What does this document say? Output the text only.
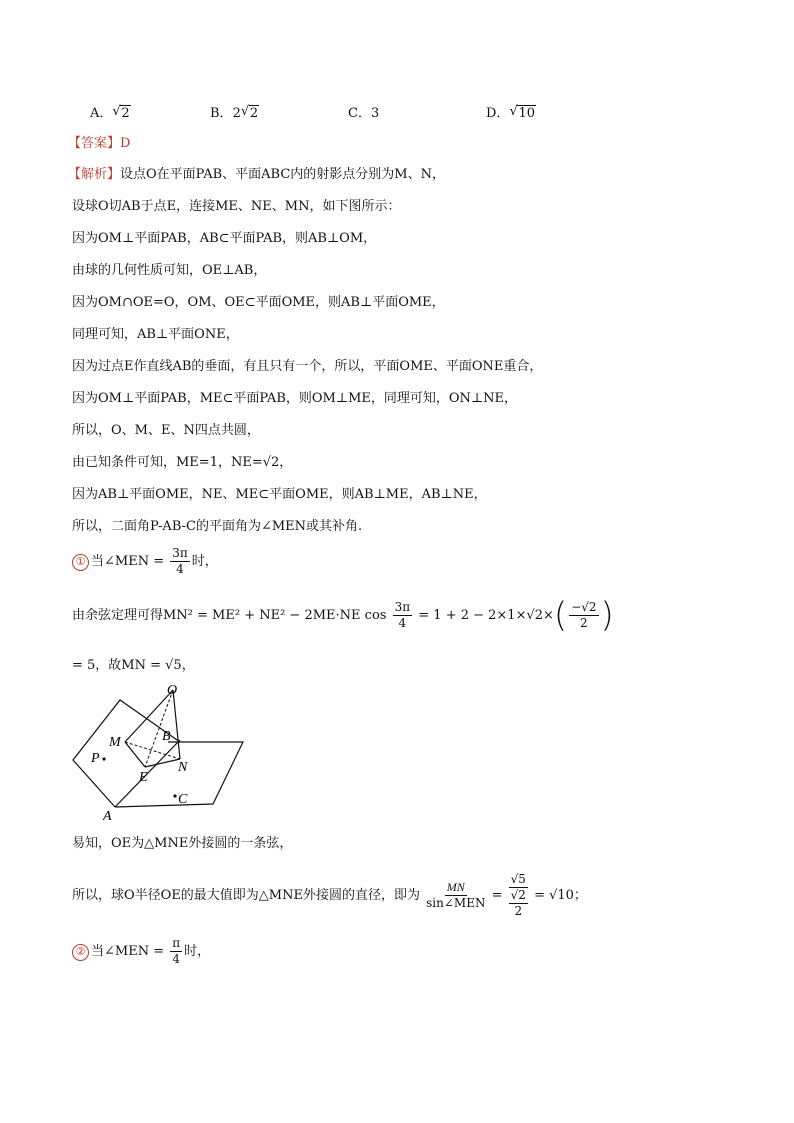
A． √ 2	B．2 √ 2	C．3	D． √ 10
【答案】D
【解析】设点O在平面PAB、平面ABC内的射影点分别为M、N，
设球O切AB于点E，连接ME、NE、MN，如下图所示：
因为OM⊥平面PAB，AB⊂平面PAB，则AB⊥OM，
由球的几何性质可知，OE⊥AB，
因为OM∩OE=O，OM、OE⊂平面OME，则AB⊥平面OME，
同理可知，AB⊥平面ONE，
因为过点E作直线AB的垂面，有且只有一个，所以，平面OME、平面ONE重合，
因为OM⊥平面PAB，ME⊂平面PAB，则OM⊥ME，同理可知，ON⊥NE，
所以，O、M、E、N四点共圆，
由已知条件可知，ME=1，NE=√2，
因为AB⊥平面OME，NE、ME⊂平面OME，则AB⊥ME，AB⊥NE，
所以，二面角P-AB-C的平面角为∠MEN或其补角.
① 当∠MEN = $\frac{3\pi}{4}$ 时，
由余弦定理可得MN² = ME² + NE² − 2ME·NE $\cos \frac{3\pi}{4} = 1 + 2 - 2\times 1\times√2\times( \frac{-√2}{2}$ )
= 5，故MN = √5，
O
M	B
P
N
E
C
A
易知，OE为△MNE外接圆的一条弦，
所以，球O半径OE的最大值即为△MNE外接圆的直径，即为 $\frac{MN}{\text{sin∠MEN}} = \frac{√5}{\frac{√2}{2}} = √10$；
② 当∠MEN = $\frac{\pi}{4}$ 时，
